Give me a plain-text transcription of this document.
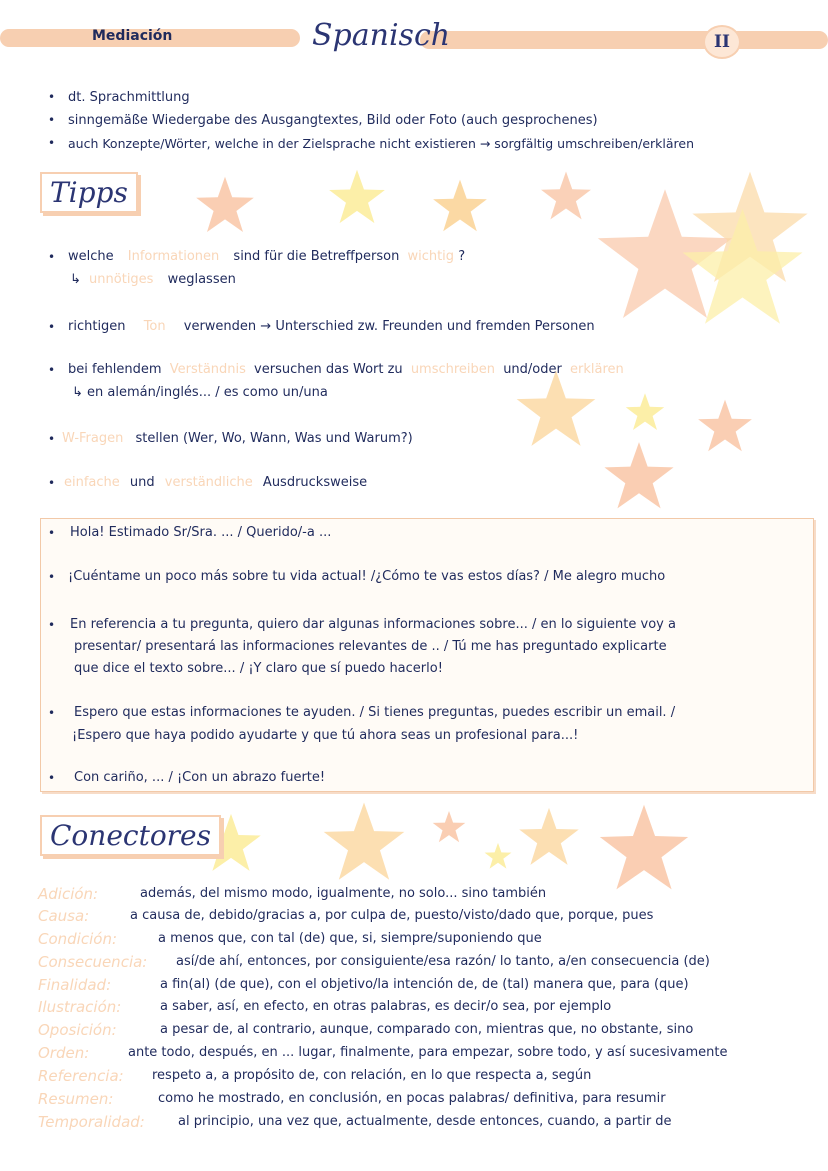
Mediación	Spanisch	II
• dt. Sprachmittlung
• sinngemäße Wiedergabe des Ausgangtextes, Bild oder Foto (auch gesprochenes)
• auch Konzepte/Wörter, welche in der Zielsprache nicht existieren → sorgfältig umschreiben/erklären
Tipps
• welche Informationen sind für die Betreffperson wichtig ?
↳ unnötiges weglassen
• richtigen Ton verwenden → Unterschied zw. Freunden und fremden Personen
• bei fehlendem Verständnis versuchen das Wort zu umschreiben und/oder erklären
↳ en alemán/inglés... / es como un/una
• W-Fragen stellen (Wer, Wo, Wann, Was und Warum?)
• einfache und verständliche Ausdrucksweise
• Hola! Estimado Sr/Sra. ... / Querido/-a ...
• ¡Cuéntame un poco más sobre tu vida actual! /¿Cómo te vas estos días? / Me alegro mucho
• En referencia a tu pregunta, quiero dar algunas informaciones sobre... / en lo siguiente voy a
presentar/ presentará las informaciones relevantes de .. / Tú me has preguntado explicarte
que dice el texto sobre... / ¡Y claro que sí puedo hacerlo!
• Espero que estas informaciones te ayuden. / Si tienes preguntas, puedes escribir un email. /
¡Espero que haya podido ayudarte y que tú ahora seas un profesional para...!
• Con cariño, ... / ¡Con un abrazo fuerte!
Conectores
Adición:	además, del mismo modo, igualmente, no solo... sino también
Causa:	a causa de, debido/gracias a, por culpa de, puesto/visto/dado que, porque, pues
Condición:	a menos que, con tal (de) que, si, siempre/suponiendo que
Consecuencia: así/de ahí, entonces, por consiguiente/esa razón/ lo tanto, a/en consecuencia (de)
Finalidad:	a fin(al) (de que), con el objetivo/la intención de, de (tal) manera que, para (que)
Ilustración:	a saber, así, en efecto, en otras palabras, es decir/o sea, por ejemplo
Oposición:	a pesar de, al contrario, aunque, comparado con, mientras que, no obstante, sino
Orden:	ante todo, después, en ... lugar, finalmente, para empezar, sobre todo, y así sucesivamente
Referencia: respeto a, a propósito de, con relación, en lo que respecta a, según
Resumen:	como he mostrado, en conclusión, en pocas palabras/ definitiva, para resumir
Temporalidad:	al principio, una vez que, actualmente, desde entonces, cuando, a partir de
